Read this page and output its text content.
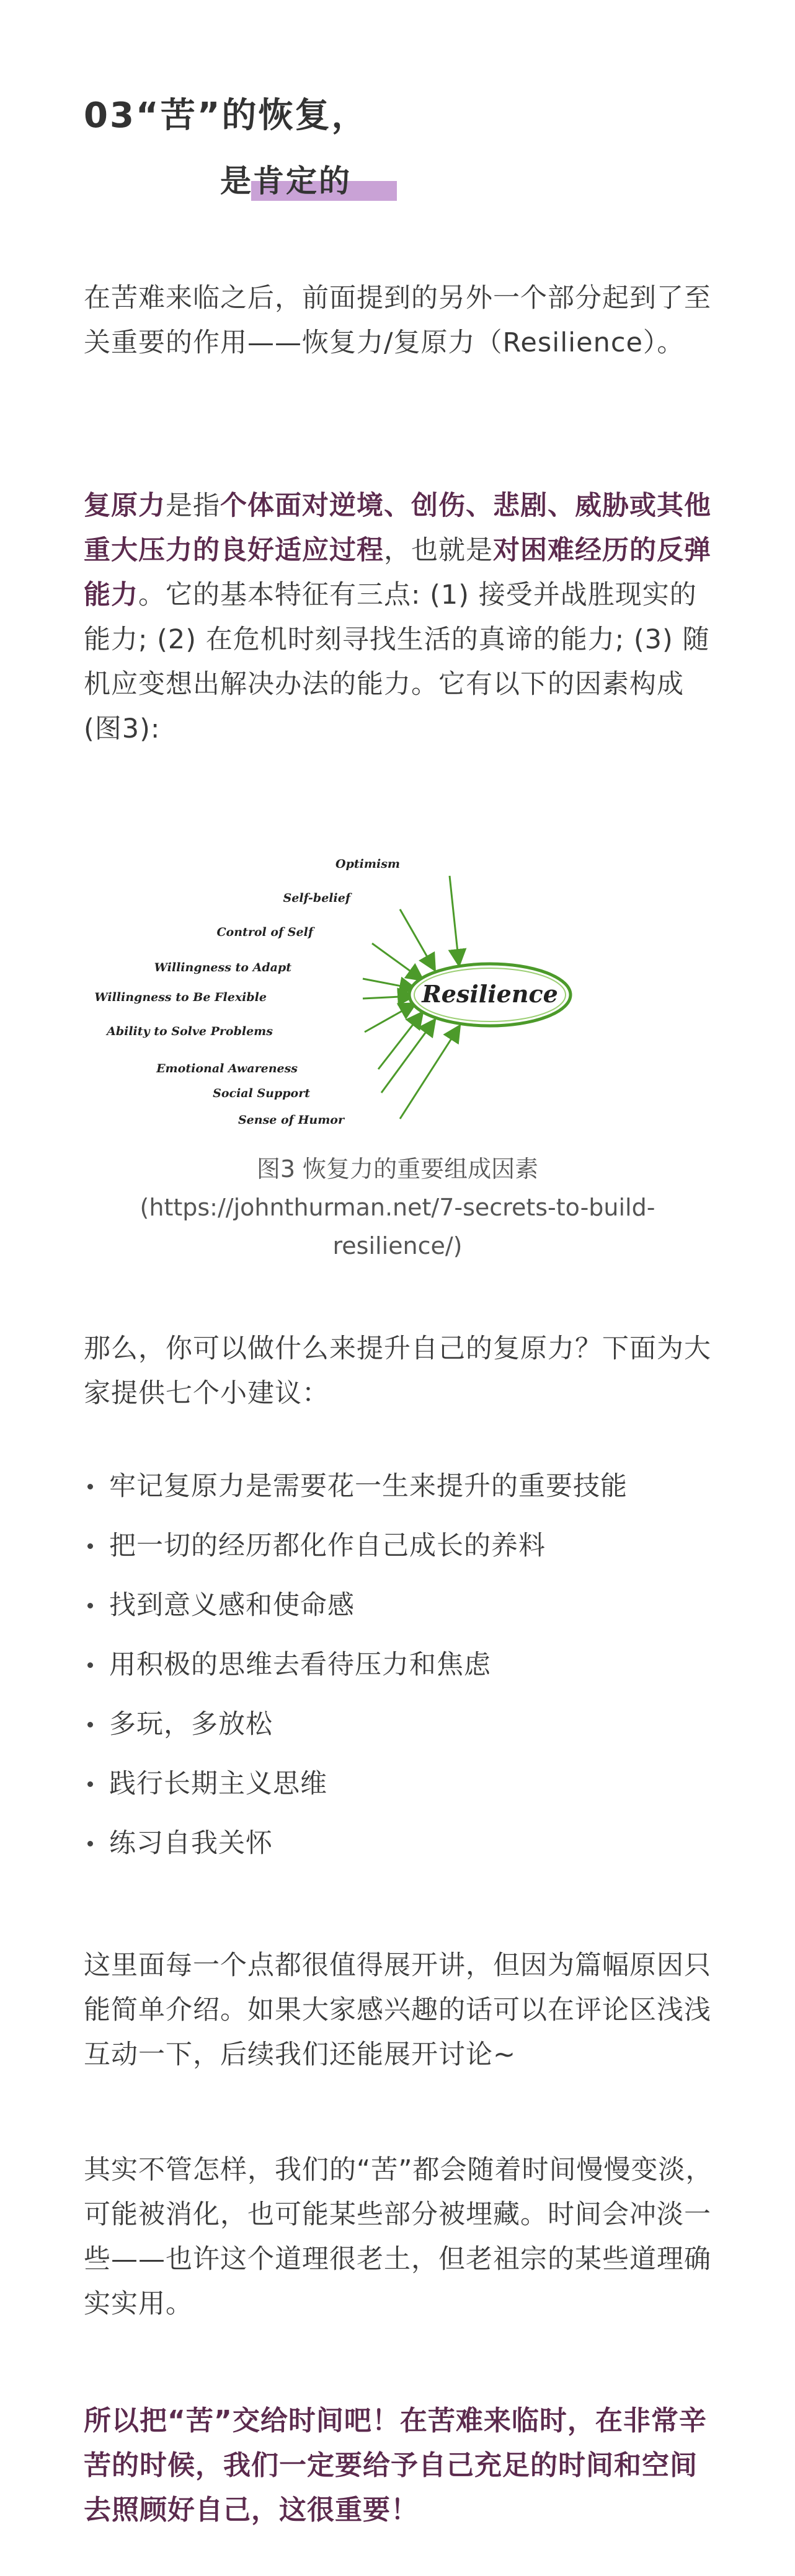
03“苦”的恢复，
是肯定的
在苦难来临之后，前面提到的另外一个部分起到了至关重要的作用——恢复力/复原力（Resilience）。
复原力是指个体面对逆境、创伤、悲剧、威胁或其他重大压力的良好适应过程，也就是对困难经历的反弹能力。它的基本特征有三点: (1) 接受并战胜现实的能力; (2) 在危机时刻寻找生活的真谛的能力; (3) 随机应变想出解决办法的能力。它有以下的因素构成 (图3):
Resilience
Optimism
Self-belief
Control of Self
Willingness to Adapt
Willingness to Be Flexible
Ability to Solve Problems
Emotional Awareness
Social Support
Sense of Humor
图3 恢复力的重要组成因素
(https://johnthurman.net/7-secrets-to-build-
resilience/)
那么，你可以做什么来提升自己的复原力？下面为大家提供七个小建议：
牢记复原力是需要花一生来提升的重要技能
把一切的经历都化作自己成长的养料
找到意义感和使命感
用积极的思维去看待压力和焦虑
多玩，多放松
践行长期主义思维
练习自我关怀
这里面每一个点都很值得展开讲，但因为篇幅原因只能简单介绍。如果大家感兴趣的话可以在评论区浅浅互动一下，后续我们还能展开讨论~
其实不管怎样，我们的“苦”都会随着时间慢慢变淡，可能被消化，也可能某些部分被埋藏。时间会冲淡一些——也许这个道理很老土，但老祖宗的某些道理确实实用。
所以把“苦”交给时间吧！在苦难来临时，在非常辛苦的时候，我们一定要给予自己充足的时间和空间去照顾好自己，这很重要！
